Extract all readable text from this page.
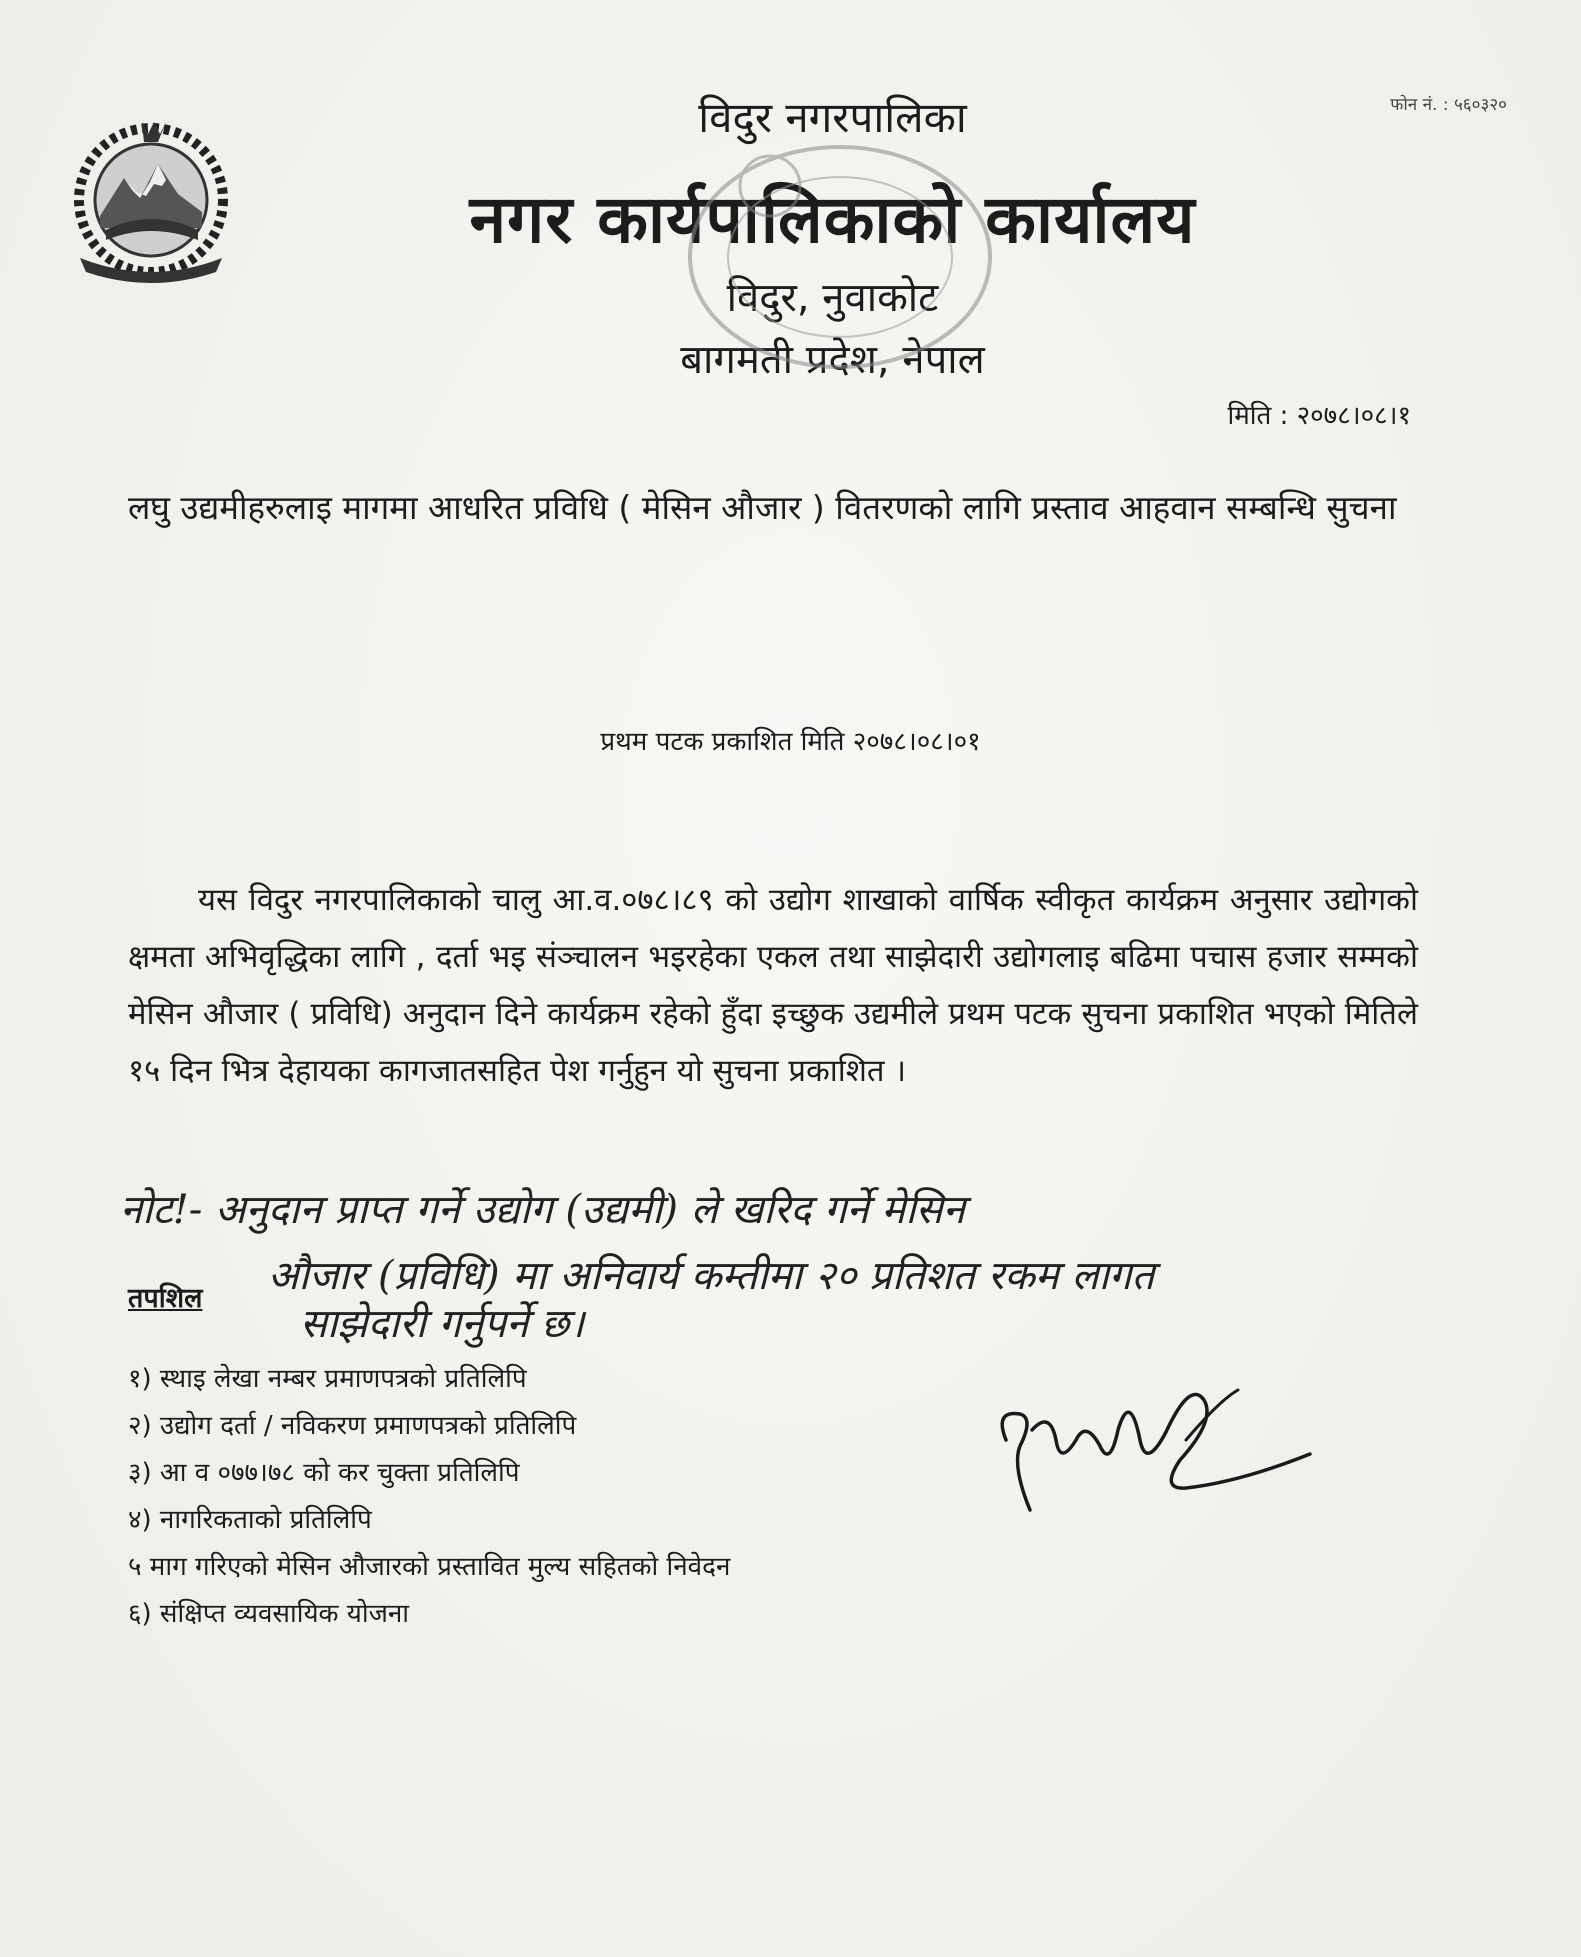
फोन नं. : ५६०३२०
विदुर नगरपालिका
नगर कार्यपालिकाको कार्यालय
विदुर, नुवाकोट
बागमती प्रदेश, नेपाल
मिति : २०७८।०८।१
लघु उद्यमीहरुलाइ मागमा आधरित प्रविधि ( मेसिन औजार ) वितरणको लागि प्रस्ताव आहवान सम्बन्धि सुचना
प्रथम पटक प्रकाशित मिति २०७८।०८।०१
यस विदुर नगरपालिकाको चालु आ.व.०७८।८९ को उद्योग शाखाको वार्षिक स्वीकृत कार्यक्रम अनुसार उद्योगको क्षमता अभिवृद्धिका लागि , दर्ता भइ संञ्चालन भइरहेका एकल तथा साझेदारी उद्योगलाइ बढिमा पचास हजार सम्मको मेसिन औजार ( प्रविधि) अनुदान दिने कार्यक्रम रहेको हुँदा इच्छुक उद्यमीले प्रथम पटक सुचना प्रकाशित भएको मितिले १५ दिन भित्र देहायका कागजातसहित पेश गर्नुहुन यो सुचना प्रकाशित ।
नोट!- अनुदान प्राप्त गर्ने उद्योग (उद्यमी) ले खरिद गर्ने मेसिन
औजार (प्रविधि) मा अनिवार्य कम्तीमा २० प्रतिशत रकम लागत
साझेदारी गर्नुपर्ने छ।
तपशिल
१) स्थाइ लेखा नम्बर प्रमाणपत्रको प्रतिलिपि
२) उद्योग दर्ता / नविकरण प्रमाणपत्रको प्रतिलिपि
३) आ व ०७७।७८ को कर चुक्ता प्रतिलिपि
४) नागरिकताको प्रतिलिपि
५ माग गरिएको मेसिन औजारको प्रस्तावित मुल्य सहितको निवेदन
६) संक्षिप्त व्यवसायिक योजना
